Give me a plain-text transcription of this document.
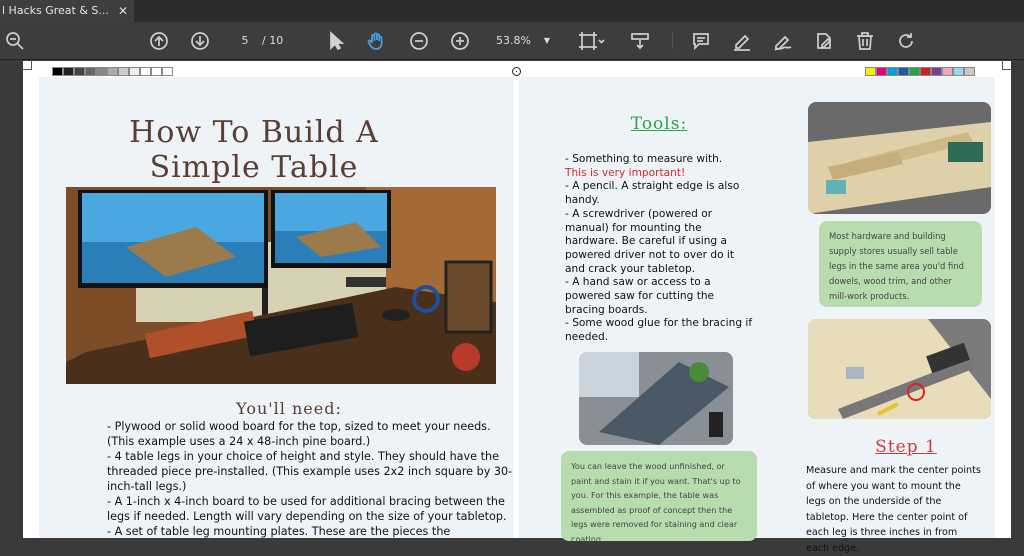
l Hacks Great & S... ✕
5	/ 10	53.8% ▼
How To Build A Simple Table
You'll need:

- Plywood or solid wood board for the top, sized to meet your needs. (This example uses a 24 x 48-inch pine board.)

- 4 table legs in your choice of height and style. They should have the threaded piece pre-installed. (This example uses 2x2 inch square by 30-inch-tall legs.)

- A 1-inch x 4-inch board to be used for additional bracing between the legs if needed. Length will vary depending on the size of your tabletop.

- A set of table leg mounting plates. These are the pieces the

Tools:

- Something to measure with.

This is very important!

- A pencil. A straight edge is also handy.

- A screwdriver (powered or manual) for mounting the hardware. Be careful if using a powered driver not to over do it and crack your tabletop.

- A hand saw or access to a powered saw for cutting the bracing boards.

- Some wood glue for the bracing if needed.

Most hardware and building supply stores usually sell table legs in the same area you'd find dowels, wood trim, and other mill-work products.
Step 1
Measure and mark the center points of where you want to mount the legs on the underside of the tabletop. Here the center point of each leg is three inches in from each edge.
You can leave the wood unfinished, or paint and stain it if you want. That's up to you. For this example, the table was assembled as proof of concept then the legs were removed for staining and clear coating.
